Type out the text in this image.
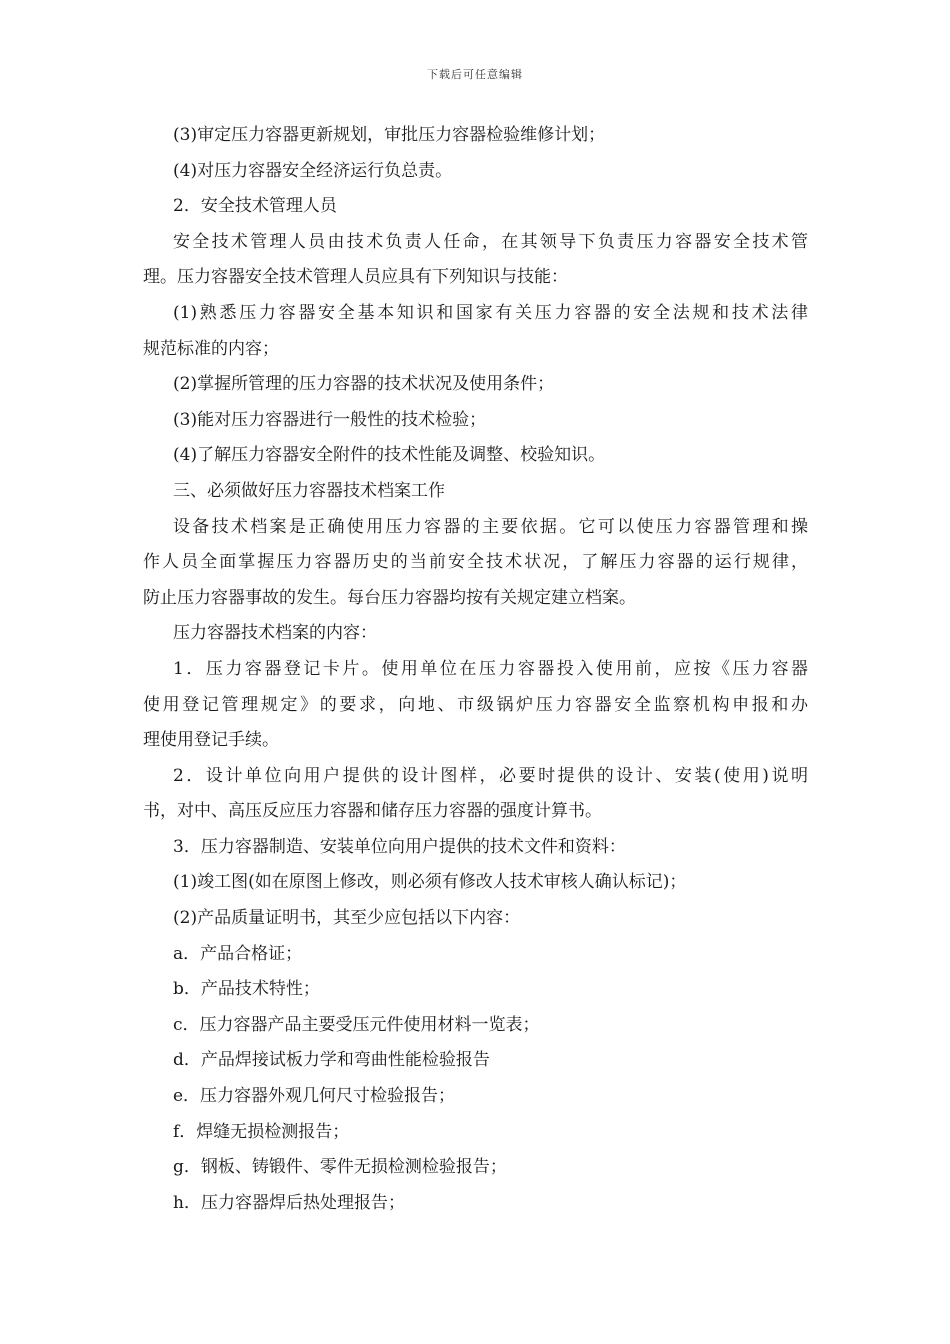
下载后可任意编辑
(3)审定压力容器更新规划，审批压力容器检验维修计划；
(4)对压力容器安全经济运行负总责。
2．安全技术管理人员
安全技术管理人员由技术负责人任命，在其领导下负责压力容器安全技术管
理。压力容器安全技术管理人员应具有下列知识与技能：
(1)熟悉压力容器安全基本知识和国家有关压力容器的安全法规和技术法律
规范标准的内容；
(2)掌握所管理的压力容器的技术状况及使用条件；
(3)能对压力容器进行一般性的技术检验；
(4)了解压力容器安全附件的技术性能及调整、校验知识。
三、必须做好压力容器技术档案工作
设备技术档案是正确使用压力容器的主要依据。它可以使压力容器管理和操
作人员全面掌握压力容器历史的当前安全技术状况，了解压力容器的运行规律，
防止压力容器事故的发生。每台压力容器均按有关规定建立档案。
压力容器技术档案的内容：
1．压力容器登记卡片。使用单位在压力容器投入使用前，应按《压力容器
使用登记管理规定》的要求，向地、市级锅炉压力容器安全监察机构申报和办
理使用登记手续。
2．设计单位向用户提供的设计图样，必要时提供的设计、安装(使用)说明
书，对中、高压反应压力容器和储存压力容器的强度计算书。
3．压力容器制造、安装单位向用户提供的技术文件和资料：
(1)竣工图(如在原图上修改，则必须有修改人技术审核人确认标记)；
(2)产品质量证明书，其至少应包括以下内容：
a．产品合格证；
b．产品技术特性；
c．压力容器产品主要受压元件使用材料一览表；
d．产品焊接试板力学和弯曲性能检验报告
e．压力容器外观几何尺寸检验报告；
f．焊缝无损检测报告；
g．钢板、铸锻件、零件无损检测检验报告；
h．压力容器焊后热处理报告；
